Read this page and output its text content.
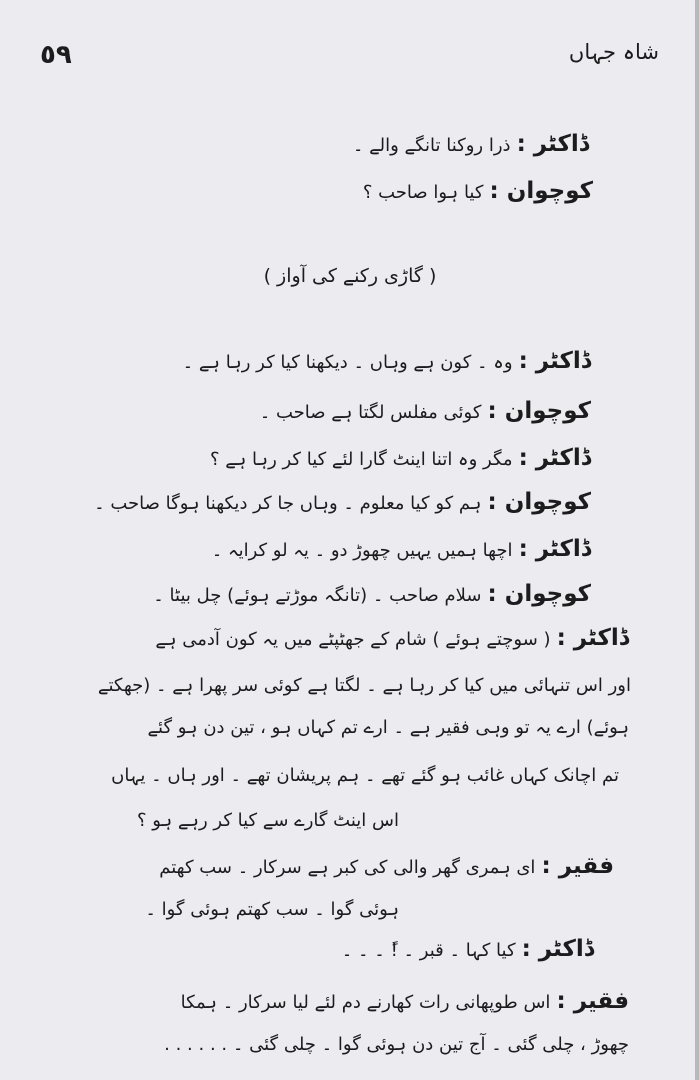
٥٩	شاہ جہاں
ڈاکٹر : ذرا روکنا تانگے والے ۔
کوچوان : کیا ہوا صاحب ؟
( گاڑی رکنے کی آواز )
ڈاکٹر : وہ ۔ کون ہے وہاں ۔ دیکھنا کیا کر رہا ہے ۔
کوچوان : کوئی مفلس لگتا ہے صاحب ۔
ڈاکٹر : مگر وہ اتنا اینٹ گارا لئے کیا کر رہا ہے ؟
کوچوان : ہم کو کیا معلوم ۔ وہاں جا کر دیکھنا ہوگا صاحب ۔
ڈاکٹر : اچھا ہمیں یہیں چھوڑ دو ۔ یہ لو کرایہ ۔
کوچوان : سلام صاحب ۔ (تانگہ موڑتے ہوئے) چل بیٹا ۔
ڈاکٹر : ( سوچتے ہوئے ) شام کے جھٹپٹے میں یہ کون آدمی ہے
اور اس تنہائی میں کیا کر رہا ہے ۔ لگتا ہے کوئی سر پھرا ہے ۔ (جھکتے
ہوئے) ارے یہ تو وہی فقیر ہے ۔ ارے تم کہاں ہو ، تین دن ہو گئے
تم اچانک کہاں غائب ہو گئے تھے ۔ ہم پریشان تھے ۔ اور ہاں ۔ یہاں
اس اینٹ گارے سے کیا کر رہے ہو ؟
فقیر : ای ہمری گھر والی کی کبر ہے سرکار ۔ سب کھتم
ہوئی گوا ۔ سب کھتم ہوئی گوا ۔
ڈاکٹر : کیا کہا ۔ قبر ۔ !ً ۔ ۔ ۔
فقیر : اس طوپھانی رات کھارنے دم لئے لیا سرکار ۔ ہمکا
چھوڑ ، چلی گئی ۔ آج تین دن ہوئی گوا ۔ چلی گئی ۔ . . . . . .
